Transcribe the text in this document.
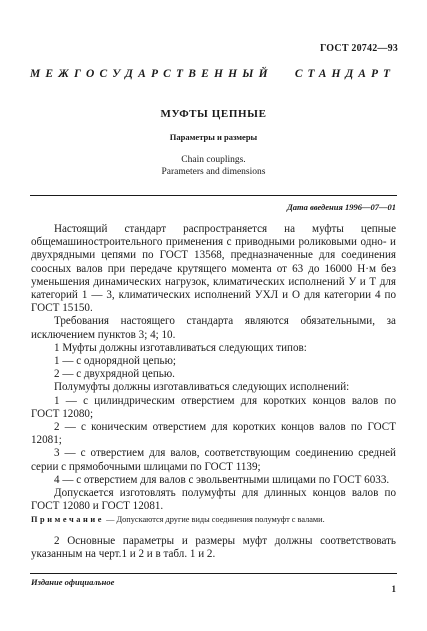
ГОСТ 20742—93
МЕЖГОСУДАРСТВЕННЫЙ СТАНДАРТ
МУФТЫ ЦЕПНЫЕ
Параметры и размеры
Chain couplings.
Parameters and dimensions
Дата введения 1996—07—01

Настоящий стандарт распространяется на муфты цепные общемашиностроительного применения с приводными роликовыми одно- и двухрядными цепями по ГОСТ 13568, предназначенные для соединения соосных валов при передаче крутящего момента от 63 до 16000 Н·м без уменьшения динамических нагрузок, климатических исполнений У и Т для категорий 1 — 3, климатических исполнений УХЛ и О для категории 4 по ГОСТ 15150.

Требования настоящего стандарта являются обязательными, за исключением пунктов 3; 4; 10.

1 Муфты должны изготавливаться следующих типов:

1 — с однорядной цепью;

2 — с двухрядной цепью.

Полумуфты должны изготавливаться следующих исполнений:

1 — с цилиндрическим отверстием для коротких концов валов по ГОСТ 12080;

2 — с коническим отверстием для коротких концов валов по ГОСТ 12081;

3 — с отверстием для валов, соответствующим соединению средней серии с прямобочными шлицами по ГОСТ 1139;

4 — с отверстием для валов с эвольвентными шлицами по ГОСТ 6033.

Допускается изготовлять полумуфты для длинных концов валов по ГОСТ 12080 и ГОСТ 12081.

Примечание — Допускаются другие виды соединения полумуфт с валами.

2 Основные параметры и размеры муфт должны соответствовать указанным на черт.1 и 2 и в табл. 1 и 2.

Издание официальное
1
